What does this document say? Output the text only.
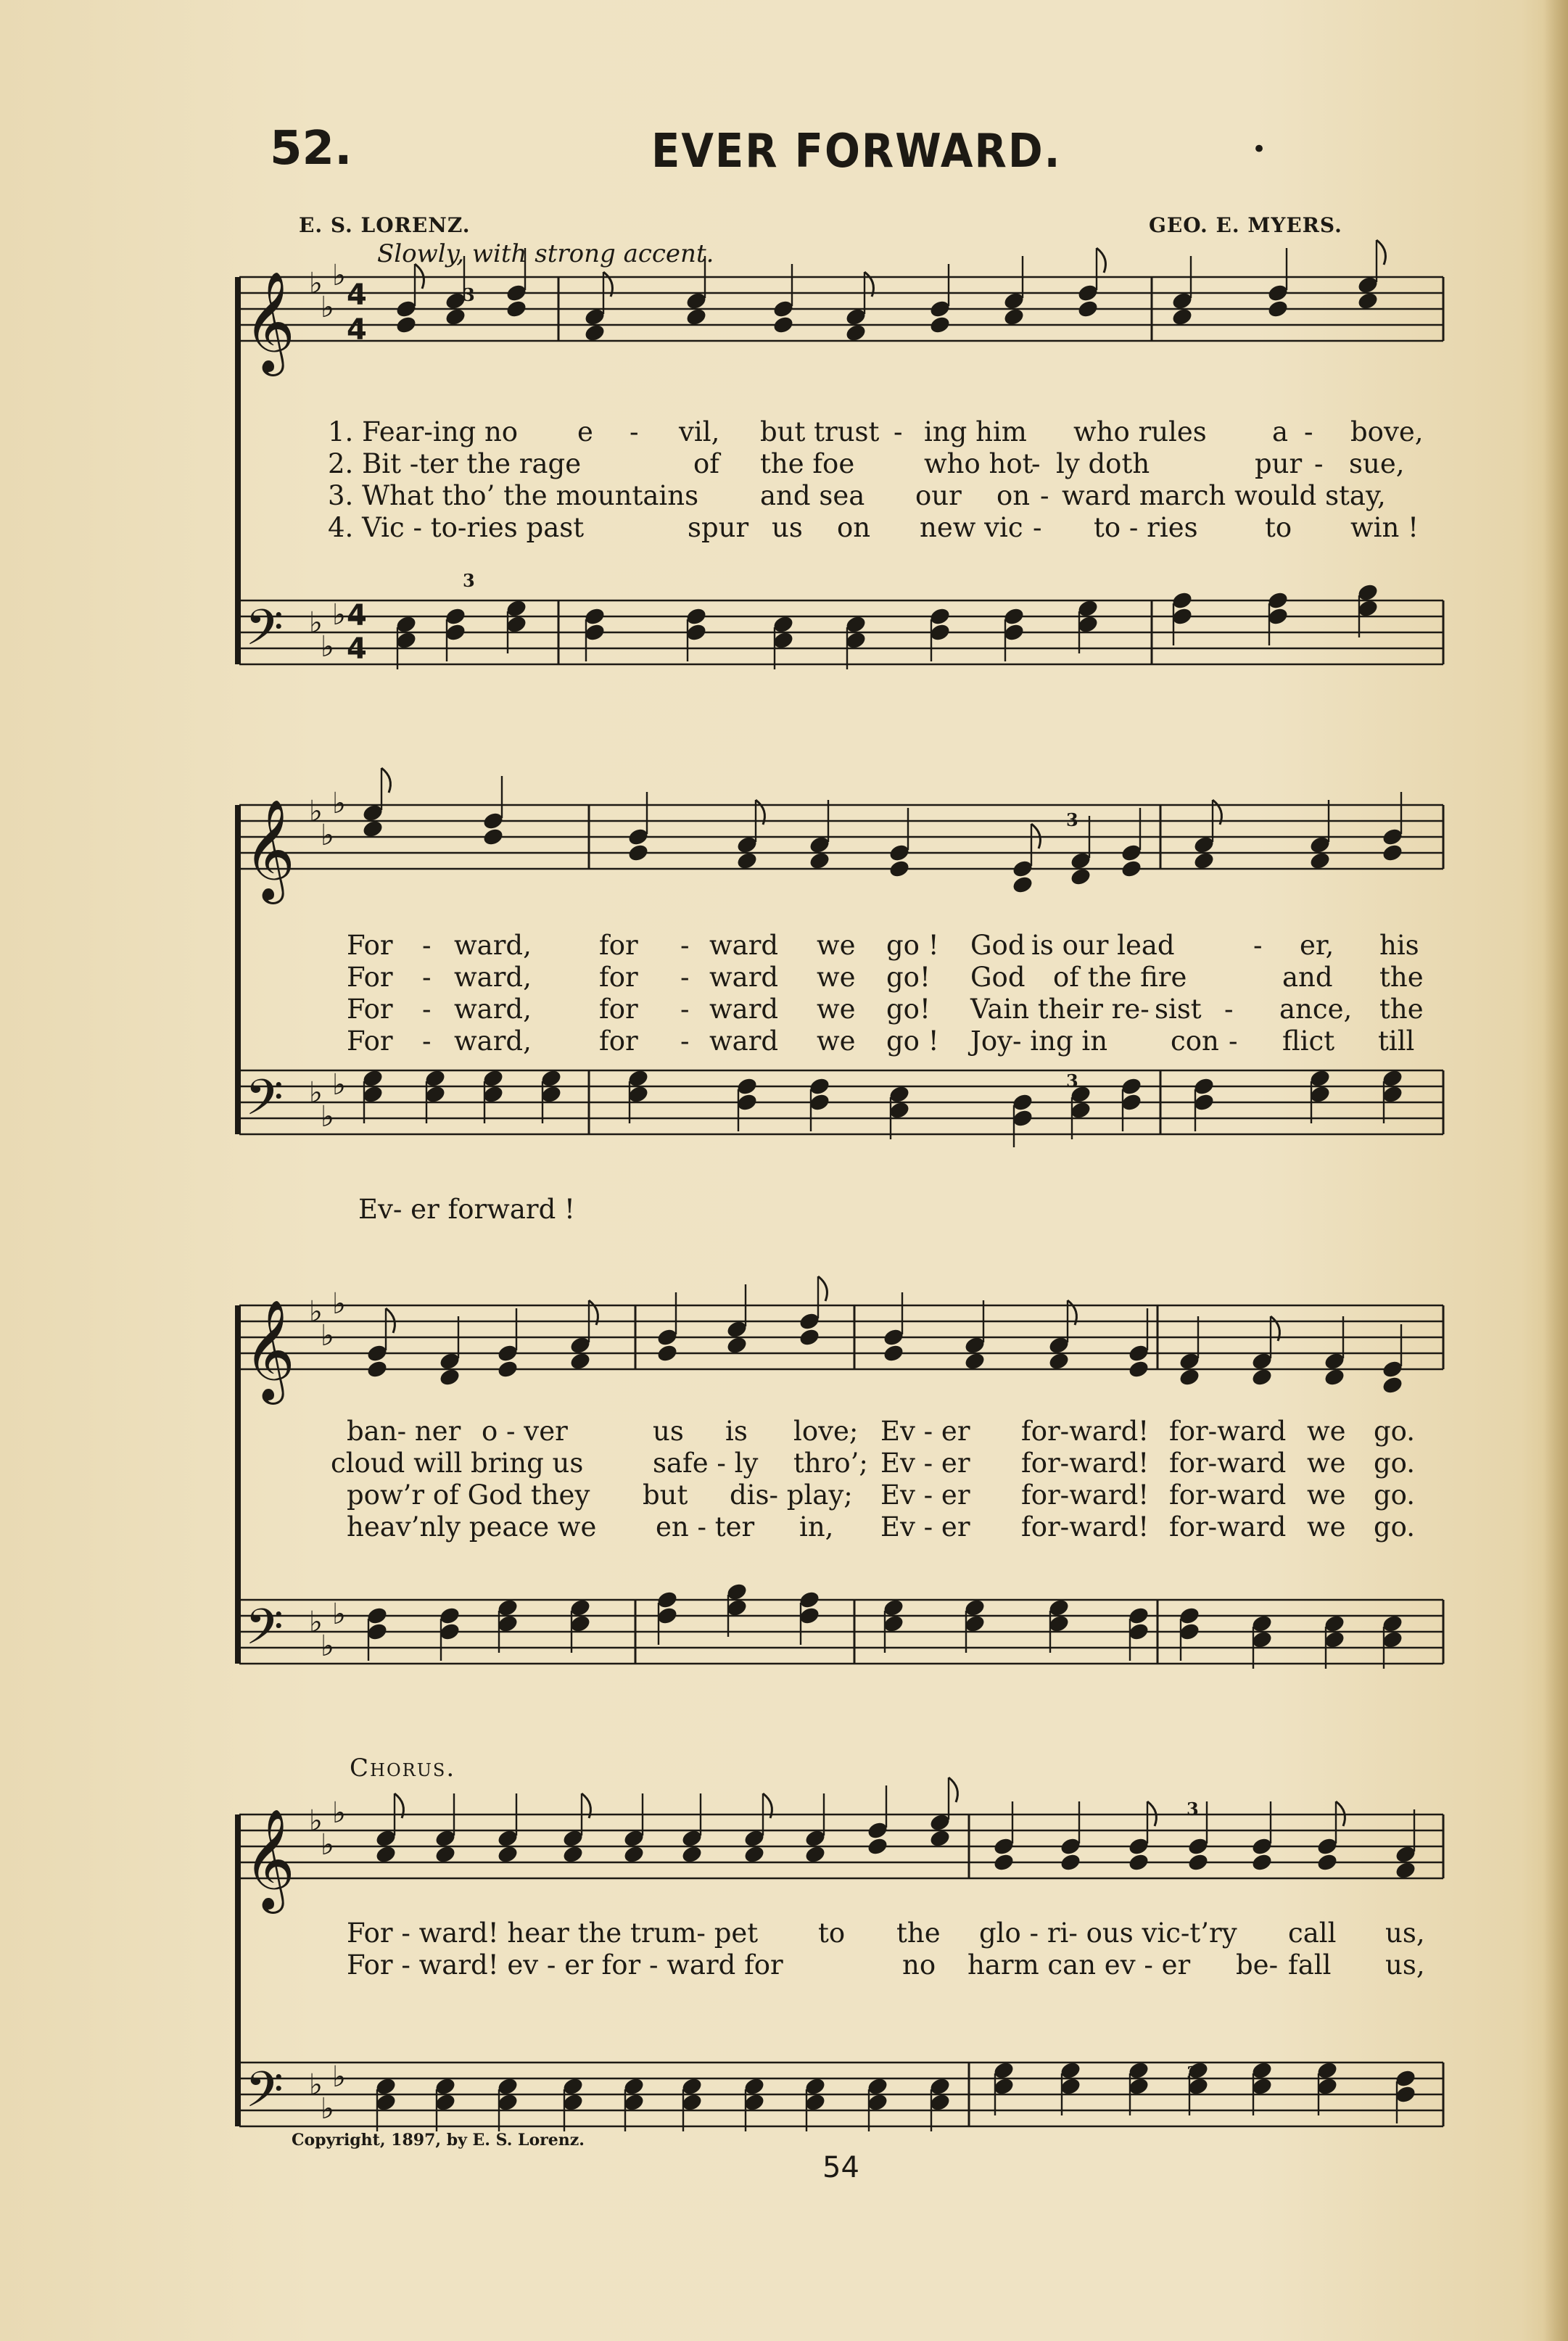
𝄞 ♭
♭
♭
𝄢 ♭
♭
♭
𝄞 ♭
♭
♭
𝄢 ♭
♭
♭
𝄞 ♭
♭
♭
𝄢 ♭
♭
♭
𝄞 ♭
♭
♭
𝄢 ♭
♭
♭
52.	EVER FORWARD.	•
E. S. LORENZ.	GEO. E. MYERS.
Slowly, with strong accent.
4
4
4
4
3
3
3
3
3
3
1. Fear-ing no e - vil, but trust - ing him who rules a - bove,
2. Bit -ter the rage	of the foe	who hot
- ly doth	pur - sue,
3. What tho’ the mountains and sea our on - ward march would stay,
4. Vic - to-ries past	spur us on new vic - to - ries to win !
For - ward,	for - ward we go ! God is our lead	- er, his
For - ward,	for - ward we go! God of the fire	and the
For - ward,	for - ward we go! Vain their re- sist - ance, the
For - ward,	for - ward we go ! Joy- ing in con - flict till
Ev- er forward !
ban- ner o - ver	us is love; Ev - er for-ward! for-ward we go.
cloud will bring us	safe - ly thro’; Ev - er for-ward! for-ward we go.
pow’r of God they but dis- play; Ev - er for-ward! for-ward we go.
heav’nly peace we en - ter in, Ev - er for-ward! for-ward we go.
Chorus.
For - ward! hear the trum- pet to the glo - ri- ous vic-t’ry call us,
For - ward! ev - er for - ward for	no harm can ev - er be- fall us,
Copyright, 1897, by E. S. Lorenz.
54
